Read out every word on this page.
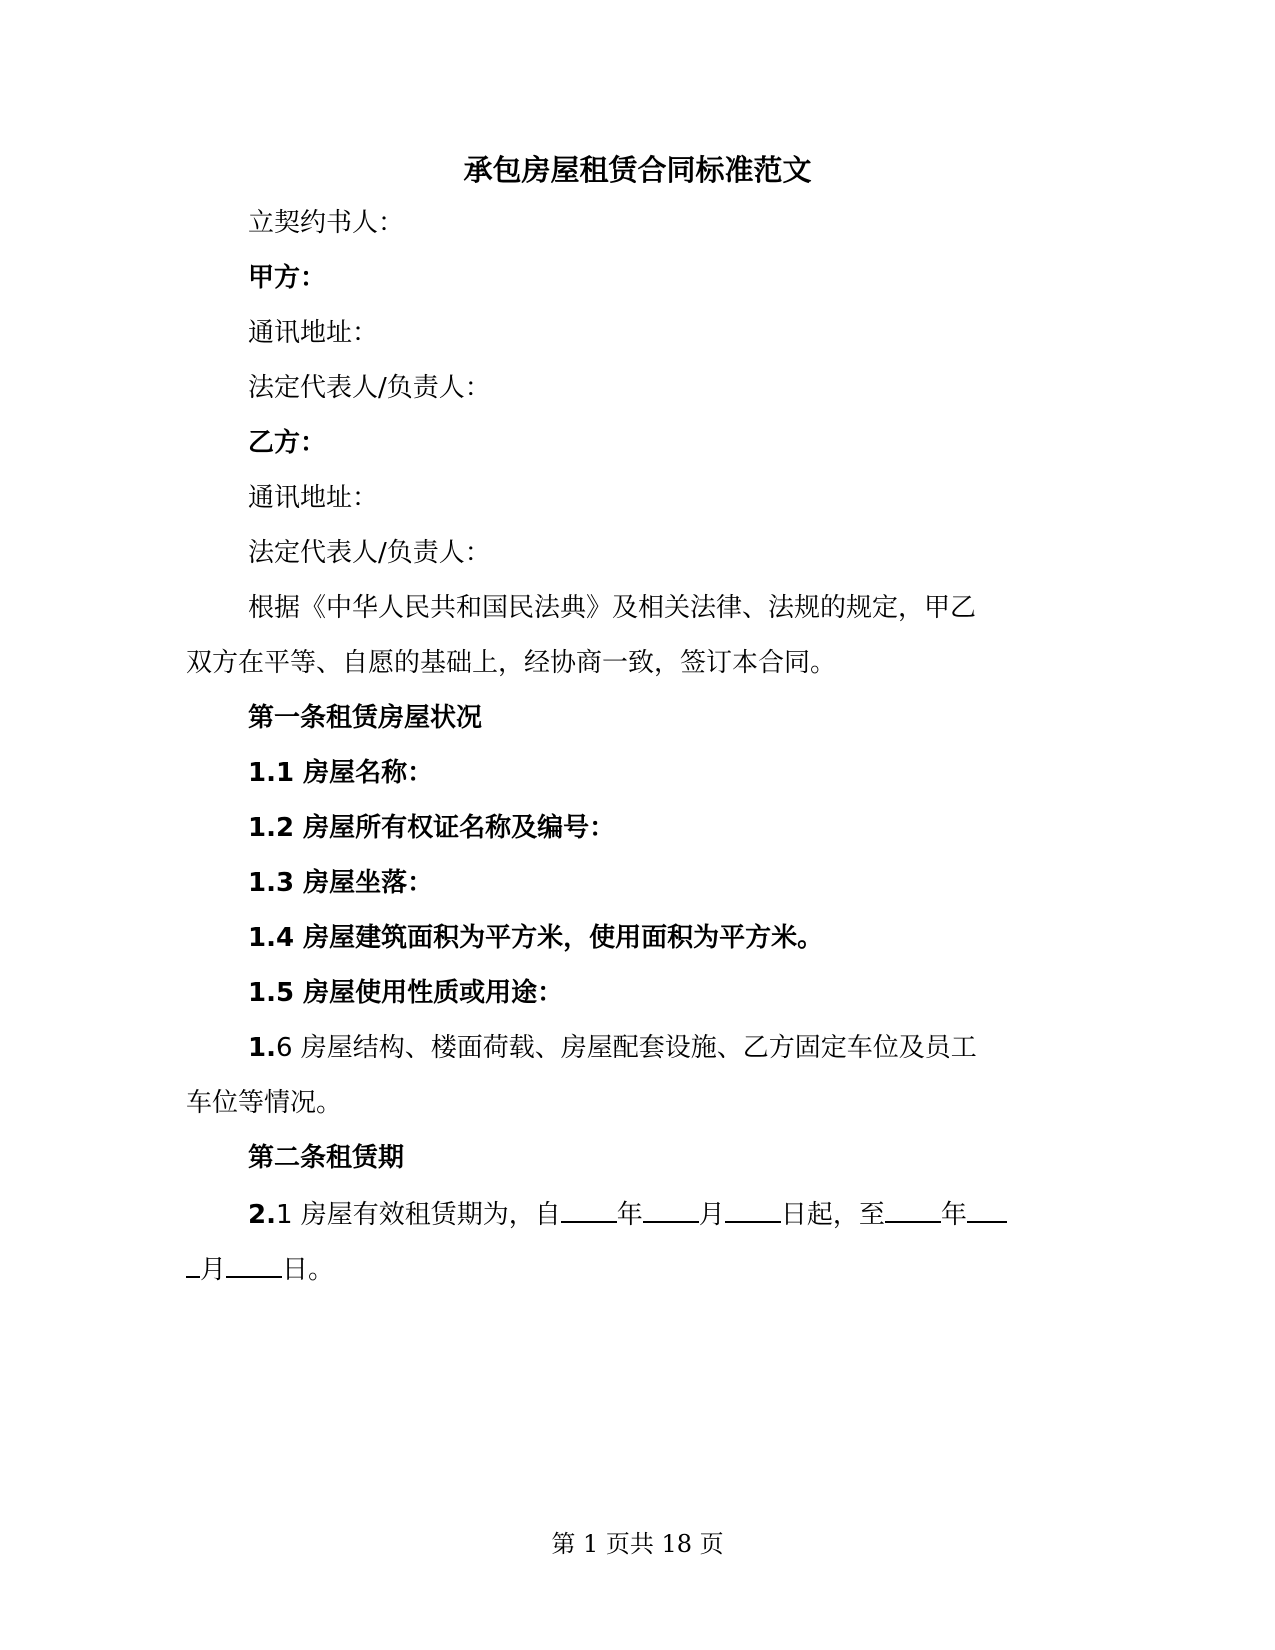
承包房屋租赁合同标准范文

立契约书人：

甲方：

通讯地址：

法定代表人/负责人：

乙方：

通讯地址：

法定代表人/负责人：

根据《中华人民共和国民法典》及相关法律、法规的规定，甲乙

双方在平等、自愿的基础上，经协商一致，签订本合同。

第一条租赁房屋状况

1.1 房屋名称：

1.2 房屋所有权证名称及编号：

1.3 房屋坐落：

1.4 房屋建筑面积为平方米，使用面积为平方米。

1.5 房屋使用性质或用途：

1.6 房屋结构、楼面荷载、房屋配套设施、乙方固定车位及员工

车位等情况。

第二条租赁期

2.1 房屋有效租赁期为，自 年 月 日起，至 年

月 日。

第 1 页共 18 页
